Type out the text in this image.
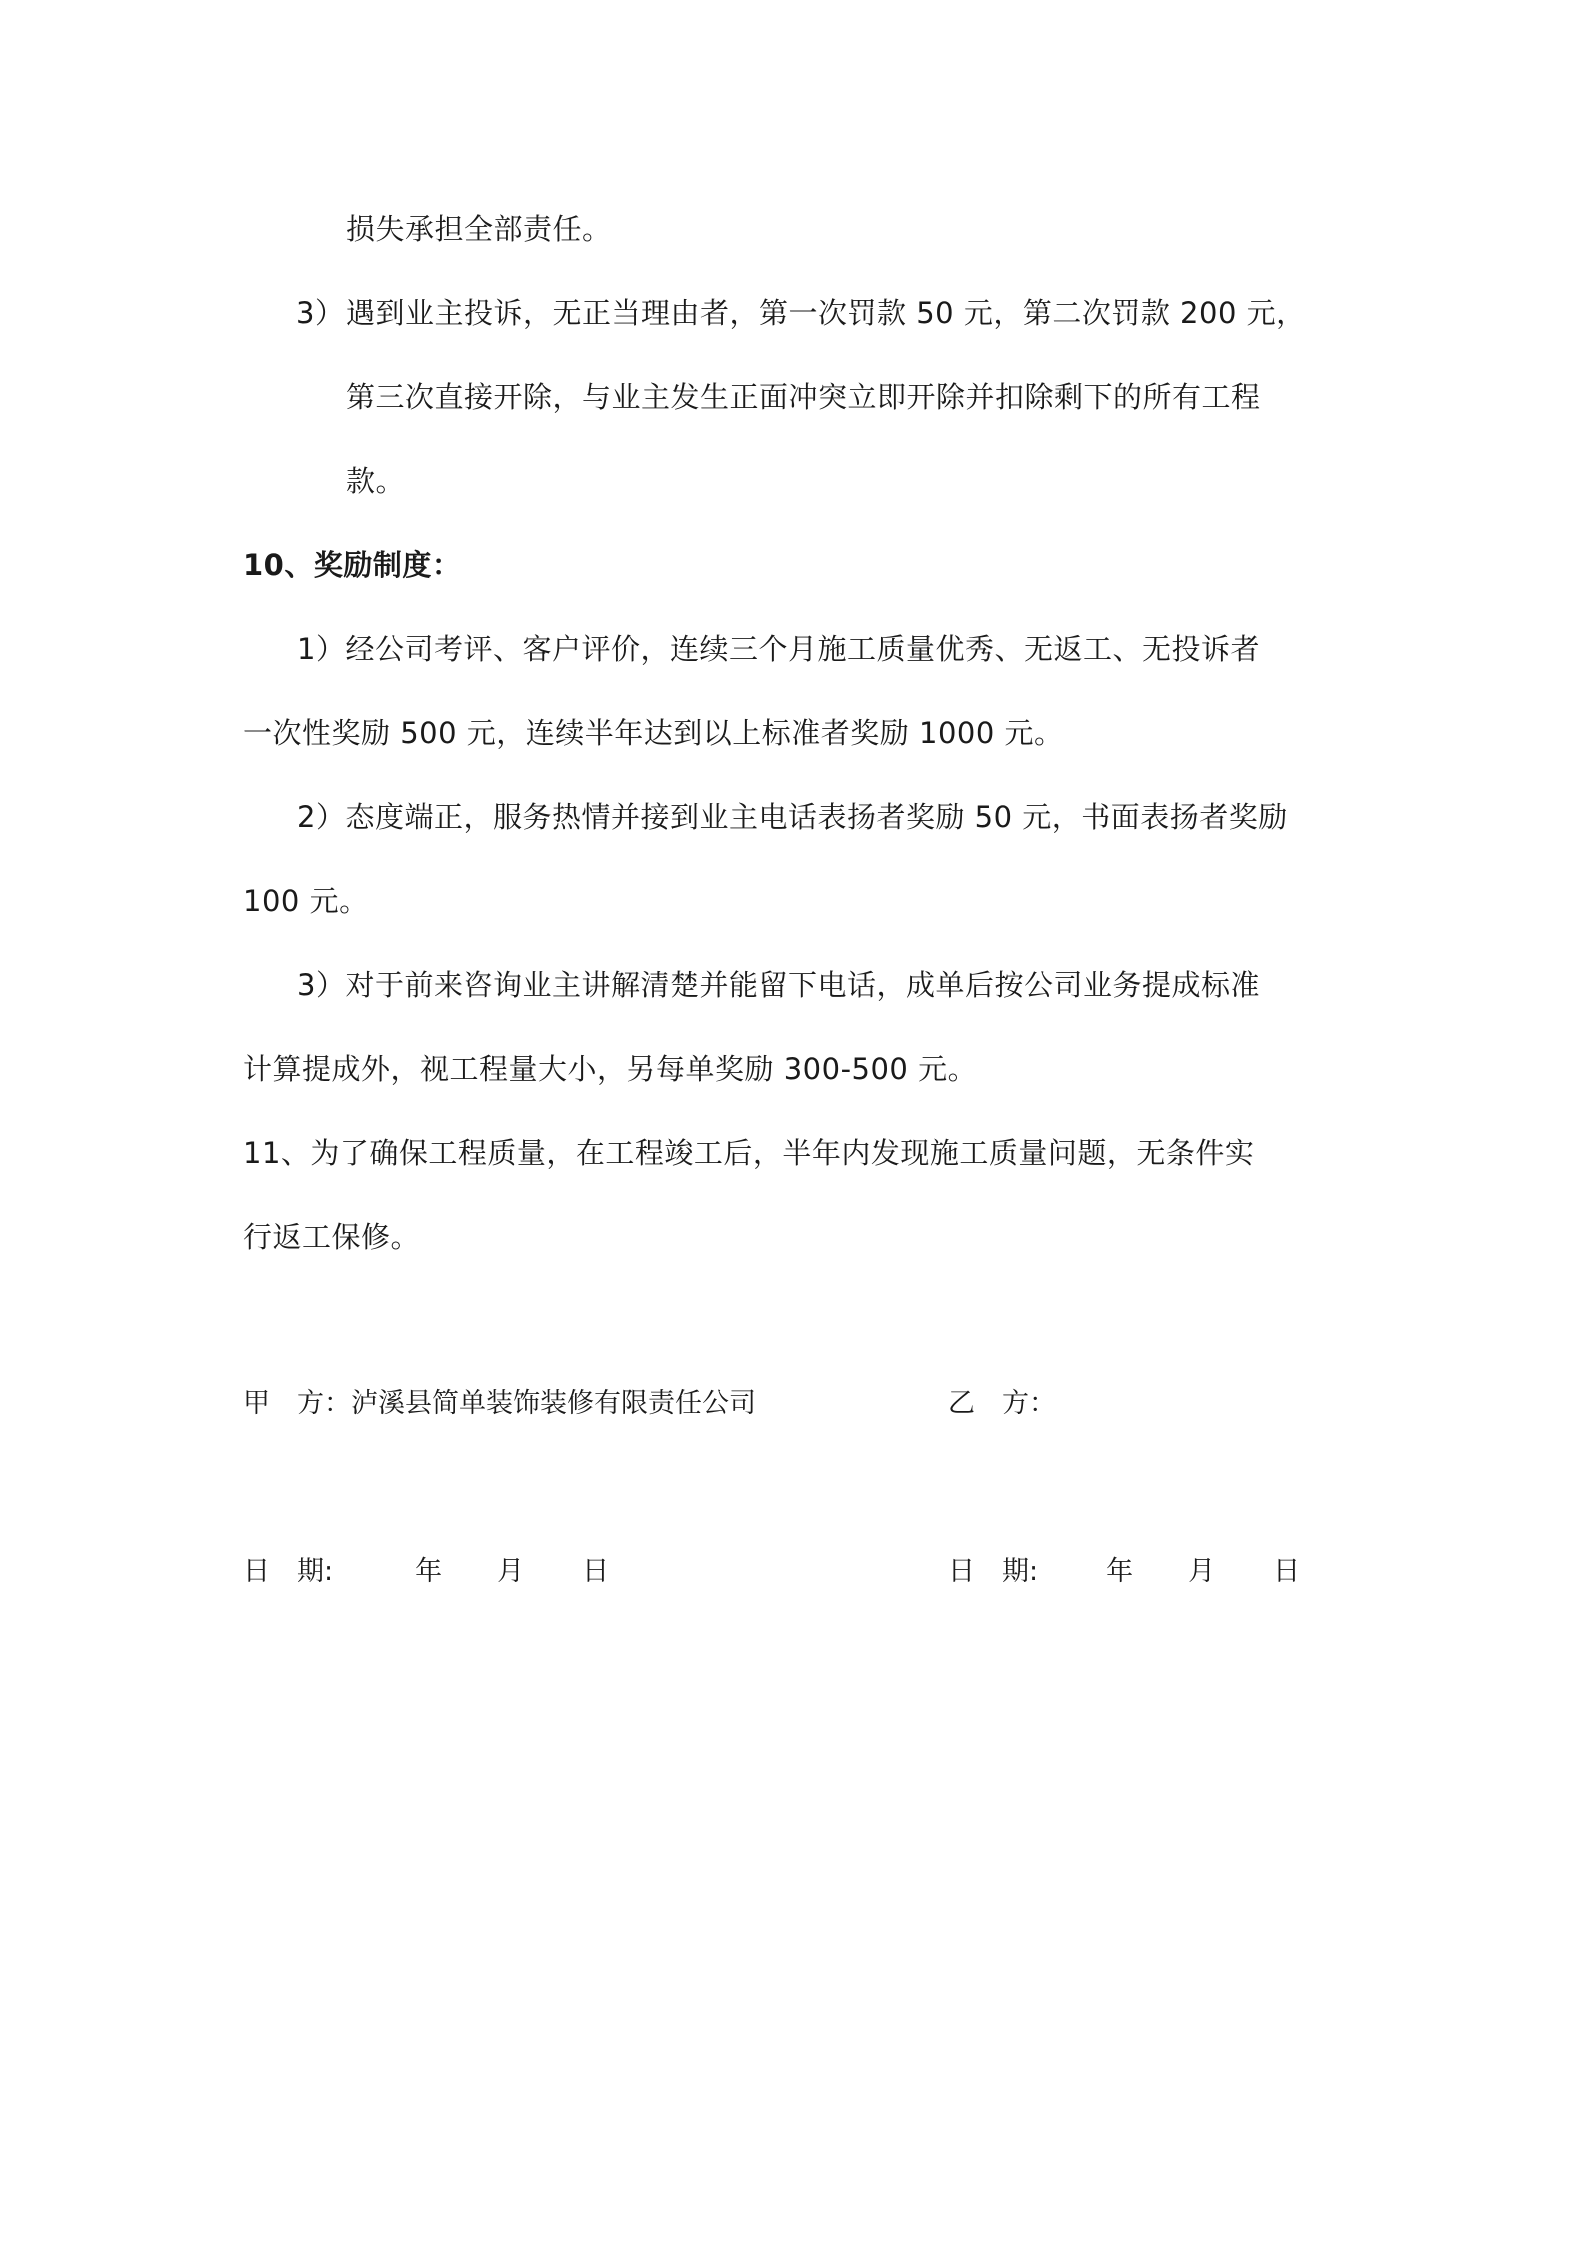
损失承担全部责任。
3） 遇到业主投诉，无正当理由者，第一次罚款 50 元，第二次罚款 200 元，
第三次直接开除，与业主发生正面冲突立即开除并扣除剩下的所有工程
款。
10、奖励制度：
1）经公司考评、客户评价，连续三个月施工质量优秀、无返工、无投诉者
一次性奖励 500 元，连续半年达到以上标准者奖励 1000 元。
2）态度端正，服务热情并接到业主电话表扬者奖励 50 元，书面表扬者奖励
100 元。
3）对于前来咨询业主讲解清楚并能留下电话，成单后按公司业务提成标准
计算提成外，视工程量大小，另每单奖励 300-500 元。
11、为了确保工程质量，在工程竣工后，半年内发现施工质量问题，无条件实
行返工保修。
甲　方：泸溪县简单装饰装修有限责任公司	乙　方：
日　期:	年 月 日	日　期:	年 月 日
